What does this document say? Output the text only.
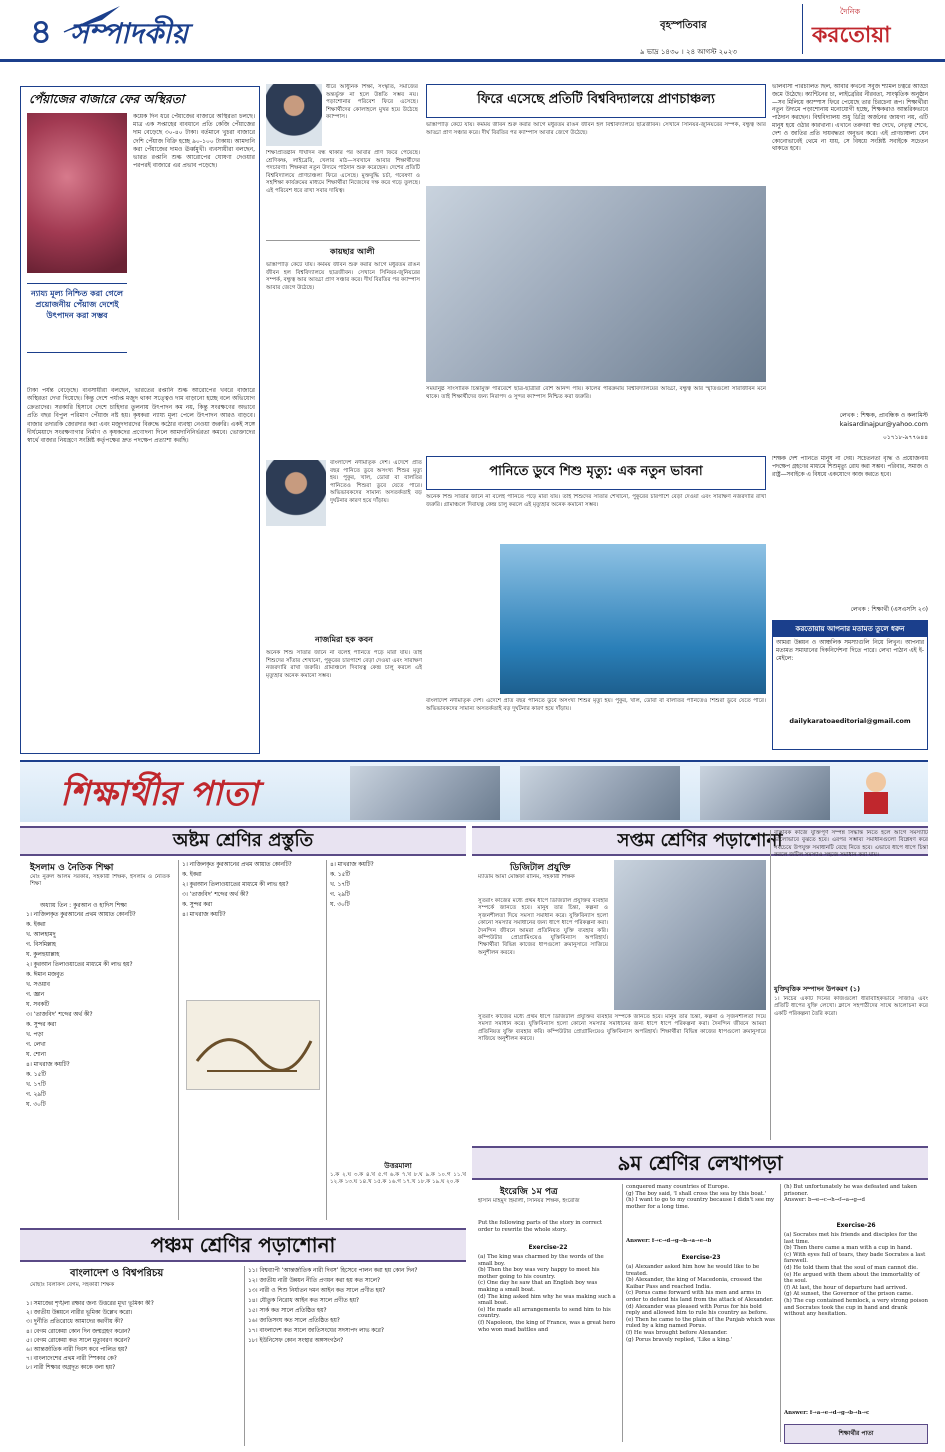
৪ সম্পাদকীয়	বৃহস্পতিবার
৯ ভাদ্র ১৪৩০ । ২৪ আগস্ট ২০২৩
দৈনিক
করতোয়া
পেঁয়াজের বাজারে ফের অস্থিরতা
কয়েক দিন ধরে পেঁয়াজের বাজারে অস্থিরতা চলছে। মাত্র এক সপ্তাহের ব্যবধানে প্রতি কেজি পেঁয়াজের দাম বেড়েছে ৩০-৪০ টাকা। বর্তমানে খুচরা বাজারে দেশি পেঁয়াজ বিক্রি হচ্ছে ৯০-১০০ টাকায়। আমদানি করা পেঁয়াজের দামও ঊর্ধ্বমুখী। ব্যবসায়ীরা বলছেন, ভারত রপ্তানি শুল্ক আরোপের ঘোষণা দেওয়ার পরপরই বাজারে এর প্রভাব পড়েছে।
ন্যায্য মূল্য নিশ্চিত করা গেলে প্রয়োজনীয় পেঁয়াজ দেশেই উৎপাদন করা সম্ভব
টাকা পর্যন্ত বেড়েছে। ব্যবসায়ীরা বলছেন, ভারতের রপ্তানি শুল্ক আরোপের খবরে বাজারে অস্থিরতা দেখা দিয়েছে। কিন্তু দেশে পর্যাপ্ত মজুদ থাকা সত্ত্বেও দাম বাড়ানো হচ্ছে বলে অভিযোগ ক্রেতাদের। সরকারি হিসাবে দেশে চাহিদার তুলনায় উৎপাদন কম নয়, কিন্তু সংরক্ষণের অভাবে প্রতি বছর বিপুল পরিমাণ পেঁয়াজ নষ্ট হয়। কৃষকরা ন্যায্য মূল্য পেলে উৎপাদন আরও বাড়বে। বাজার তদারকি জোরদার করা এবং মজুদদারদের বিরুদ্ধে কঠোর ব্যবস্থা নেওয়া জরুরি। একই সঙ্গে দীর্ঘমেয়াদে সংরক্ষণাগার নির্মাণ ও কৃষকদের প্রণোদনা দিলে আমদানিনির্ভরতা কমবে। ভোক্তাদের স্বার্থে বাজার নিয়ন্ত্রণে সংশ্লিষ্ট কর্তৃপক্ষের দ্রুত পদক্ষেপ প্রত্যাশা করছি।
ধীরে আধুনিক শিক্ষা, সংস্কৃতি, সমাজের অন্তর্ভুক্ত না হলে উন্নতি সম্ভব নয়। পড়াশোনার পরিবেশ ফিরে এসেছে। শিক্ষার্থীদের কোলাহলে মুখর হয়ে উঠেছে ক্যাম্পাস।
শিক্ষাপ্রতিষ্ঠান দীর্ঘদিন বন্ধ থাকার পর আবার প্রাণ ফিরে পেয়েছে। শ্রেণিকক্ষ, লাইব্রেরি, খেলার মাঠ—সবখানে আবার শিক্ষার্থীদের পদচারণা। শিক্ষকরা নতুন উদ্যমে পাঠদান শুরু করেছেন। দেশের প্রতিটি বিশ্ববিদ্যালয়ে প্রাণচাঞ্চল্য ফিরে এসেছে। মুক্তবুদ্ধি চর্চা, গবেষণা ও সহশিক্ষা কার্যক্রমের মাধ্যমে শিক্ষার্থীরা নিজেদের দক্ষ করে গড়ে তুলছে। এই পরিবেশ ধরে রাখা সবার দায়িত্ব।
কায়ছার আলী
ভাস্তাপাড়ি কেটে যায়। কর্মময় জীবন শুরু করার আগে মধুরতম রঙিন জীবন হল বিশ্ববিদ্যালয়ে ছাত্রজীবন। সেখানে সিনিয়র-জুনিয়রের সম্পর্ক, বন্ধুত্ব আর আড্ডা প্রাণ সঞ্চার করে। দীর্ঘ বিরতির পর ক্যাম্পাস আবার জেগে উঠেছে।
ফিরে এসেছে প্রতিটি বিশ্ববিদ্যালয়ে প্রাণচাঞ্চল্য
ভাস্তাপাড়ি কেটে যায়। কর্মময় জীবন শুরু করার আগে মধুরতম রঙিন জীবন হল বিশ্ববিদ্যালয়ে ছাত্রজীবন। সেখানে সিনিয়র-জুনিয়রের সম্পর্ক, বন্ধুত্ব আর আড্ডা প্রাণ সঞ্চার করে। দীর্ঘ বিরতির পর ক্যাম্পাস আবার জেগে উঠেছে।
সময়ানুষ্ঠ সাংসারিক চিন্তামুক্ত পরিবেশে ছাত্র-ছাত্রীরা বেশি আনন্দ পায়। কালের পরিক্রমায় বিশ্ববিদ্যালয়ের আড্ডা, বন্ধুত্ব আর স্মৃতিগুলো সারাজীবন মনে থাকে। তাই শিক্ষার্থীদের জন্য নিরাপদ ও সুন্দর ক্যাম্পাস নিশ্চিত করা জরুরি।
ভালবাসা পরিচালিত ছিল, আবার কখনো সবুজ শ্যামল চত্বরে আড্ডা জমে উঠেছে। ক্যান্টিনের চা, লাইব্রেরির নীরবতা, সাংস্কৃতিক অনুষ্ঠান—সব মিলিয়ে ক্যাম্পাস ফিরে পেয়েছে তার চিরচেনা রূপ। শিক্ষার্থীরা নতুন উদ্যমে পড়াশোনায় মনোযোগী হচ্ছে, শিক্ষকরাও আন্তরিকভাবে পাঠদান করছেন। বিশ্ববিদ্যালয় শুধু ডিগ্রি অর্জনের জায়গা নয়, এটি মানুষ হয়ে ওঠার কারখানা। এখানে তরুণরা স্বপ্ন দেখে, নেতৃত্ব শেখে, দেশ ও জাতির প্রতি দায়বদ্ধতা অনুভব করে। এই প্রাণচাঞ্চল্য যেন কোনোভাবেই থেমে না যায়, সে বিষয়ে সংশ্লিষ্ট সবাইকে সচেতন থাকতে হবে।
লেখক : শিক্ষক, প্রাবন্ধিক ও কলামিস্ট
kaisardinajpur@yahoo.com
০১৭১৮-৯৭৭৬৪৪
বাংলাদেশ নদীমাতৃক দেশ। এদেশে প্রতি বছর পানিতে ডুবে অসংখ্য শিশুর মৃত্যু হয়। পুকুর, খাল, ডোবা বা বালতির পানিতেও শিশুরা ডুবে যেতে পারে। অভিভাবকদের সামান্য অসতর্কতাই বড় দুর্ঘটনার কারণ হয়ে দাঁড়ায়।
নাজমিরা হক কবন
অনেক শিশু সাঁতার জানে না বলেই পানিতে পড়ে মারা যায়। তাই শিশুদের সাঁতার শেখানো, পুকুরের চারপাশে বেড়া দেওয়া এবং সারাক্ষণ নজরদারি রাখা জরুরি। গ্রামাঞ্চলে দিবাযত্ন কেন্দ্র চালু করলে এই মৃত্যুহার অনেক কমানো সম্ভব।
পানিতে ডুবে শিশু মৃত্যু: এক নতুন ভাবনা
অনেক শিশু সাঁতার জানে না বলেই পানিতে পড়ে মারা যায়। তাই শিশুদের সাঁতার শেখানো, পুকুরের চারপাশে বেড়া দেওয়া এবং সারাক্ষণ নজরদারি রাখা জরুরি। গ্রামাঞ্চলে দিবাযত্ন কেন্দ্র চালু করলে এই মৃত্যুহার অনেক কমানো সম্ভব।
বাংলাদেশ নদীমাতৃক দেশ। এদেশে প্রতি বছর পানিতে ডুবে অসংখ্য শিশুর মৃত্যু হয়। পুকুর, খাল, ডোবা বা বালতির পানিতেও শিশুরা ডুবে যেতে পারে। অভিভাবকদের সামান্য অসতর্কতাই বড় দুর্ঘটনার কারণ হয়ে দাঁড়ায়।
শিক্ষক দেশ পানিতে মানুষ না দেয়। সচেতনতা বৃদ্ধি ও প্রয়োজনীয় পদক্ষেপ গ্রহণের মাধ্যমে শিশুমৃত্যু রোধ করা সম্ভব। পরিবার, সমাজ ও রাষ্ট্র—সবাইকে এ বিষয়ে একযোগে কাজ করতে হবে।
লেখক : শিক্ষার্থী (এসএসসি ২৩)
করতোয়ায় আপনার মতামত তুলে ধরুন
আমরা উন্নয়ন ও আঞ্চলিক সমস্যাগুলি নিয়ে লিখুন। আপনার মতামত সমাধানের দিকনির্দেশনা দিতে পারে। লেখা পাঠান এই ই-মেইলে:
dailykaratoaeditorial@gmail.com
শিক্ষার্থীর পাতা
অষ্টম শ্রেণির প্রস্তুতি
ইসলাম ও নৈতিক শিক্ষা
মোঃ নুরুল আলম সরকার, সহকারী শিক্ষক, ইসলাম ও নৈতিক শিক্ষা
অধ্যায় তিন : কুরআন ও হাদিস শিক্ষা
১। নাজিলকৃত কুরআনের প্রথম আয়াত কোনটি?
ক. ইকরা
খ. আলহামদু
গ. বিসমিল্লাহ
ঘ. কুলহুয়াল্লাহ
২। কুরআন তিলাওয়াতের মাধ্যমে কী লাভ হয়?
ক. ঈমান মজবুত
খ. সওয়াব
গ. জ্ঞান
ঘ. সবকটি
৩। ‘তাজবিদ’ শব্দের অর্থ কী?
ক. সুন্দর করা
খ. পড়া
গ. লেখা
ঘ. শোনা
৪। মাখরাজ কয়টি?
ক. ১৫টি
খ. ১৭টি
গ. ২৯টি
ঘ. ৩০টি
১। নাজিলকৃত কুরআনের প্রথম আয়াত কোনটি?
ক. ইকরা
২। কুরআন তিলাওয়াতের মাধ্যমে কী লাভ হয়?
৩। ‘তাজবিদ’ শব্দের অর্থ কী?
ক. সুন্দর করা
৪। মাখরাজ কয়টি?
৪। মাখরাজ কয়টি?
ক. ১৫টি
খ. ১৭টি
গ. ২৯টি
ঘ. ৩০টি
উত্তরমালা
১.ক ২.ঘ ৩.ক ৪.খ ৫.গ ৬.ক ৭.খ ৮.ঘ ৯.ক ১০.গ ১১.খ ১২.ক ১৩.ঘ ১৪.খ ১৫.ক ১৬.গ ১৭.খ ১৮.ক ১৯.ঘ ২০.ক
সপ্তম শ্রেণির পড়াশোনা
ডিজিটাল প্রযুক্তি
ম্যাডাম আমা মোস্তফা রানিম, সহকারী শিক্ষক
সুতরাং কাজের মধ্যে প্রথম ধাপে ডিজিটাল প্রযুক্তির ব্যবহার সম্পর্কে জানতে হবে। মানুষ তার চিন্তা, কল্পনা ও সৃজনশীলতা দিয়ে সমস্যা সমাধান করে। যুক্তিবিন্যাস হলো কোনো সমস্যার সমাধানের জন্য ধাপে ধাপে পরিকল্পনা করা। দৈনন্দিন জীবনে আমরা প্রতিনিয়ত যুক্তি ব্যবহার করি। কম্পিউটার প্রোগ্রামিংয়েও যুক্তিবিন্যাস অপরিহার্য। শিক্ষার্থীরা বিভিন্ন কাজের ধাপগুলো ক্রমানুসারে সাজিয়ে অনুশীলন করবে।
সুতরাং কাজের মধ্যে প্রথম ধাপে ডিজিটাল প্রযুক্তির ব্যবহার সম্পর্কে জানতে হবে। মানুষ তার চিন্তা, কল্পনা ও সৃজনশীলতা দিয়ে সমস্যা সমাধান করে। যুক্তিবিন্যাস হলো কোনো সমস্যার সমাধানের জন্য ধাপে ধাপে পরিকল্পনা করা। দৈনন্দিন জীবনে আমরা প্রতিনিয়ত যুক্তি ব্যবহার করি। কম্পিউটার প্রোগ্রামিংয়েও যুক্তিবিন্যাস অপরিহার্য। শিক্ষার্থীরা বিভিন্ন কাজের ধাপগুলো ক্রমানুসারে সাজিয়ে অনুশীলন করবে।
বাস্তবিক কাজে যুক্তিপূর্ণ সম্পন্ন সিদ্ধান্ত নিতে হলে আগে সমস্যাটি ভালোভাবে বুঝতে হবে। এরপর সম্ভাব্য সমাধানগুলো বিশ্লেষণ করে সবচেয়ে উপযুক্ত সমাধানটি বেছে নিতে হবে। এভাবে ধাপে ধাপে চিন্তা করলে জটিল সমস্যাও সহজে সমাধান করা যায়।
যুক্তিবৃত্তিক সম্পাদন উপকরণ (১)
১। নিচের একটি দিনের কাজগুলো ধারাবাহিকভাবে সাজাও এবং প্রতিটি ধাপের যুক্তি লেখো। ক্লাসে সহপাঠীদের সাথে আলোচনা করে একটি পরিকল্পনা তৈরি করো।
৯ম শ্রেণির লেখাপড়া
ইংরেজি ১ম পত্র
হাসান মাহমুদ হিমালী, সিনিয়র শিক্ষক, ইংরেজি
Put the following parts of the story in correct order to rewrite the whole story.
Exercise-22
(a) The king was charmed by the words of the small boy.
(b) Then the boy was very happy to meet his mother going to his country.
(c) One day he saw that an English boy was making a small boat.
(d) The king asked him why he was making such a small boat.
(e) He made all arrangements to send him to his country.
(f) Napoleon, the king of France, was a great hero who won mad battles and
conquered many countries of Europe.
(g) The boy said, 'I shall cross the sea by this boat.'
(h) I want to go to my country because I didn't see my mother for a long time.
Answer: f→c→d→g→h→a→e→b
Exercise-23
(a) Alexander asked him how he would like to be treated.
(b) Alexander, the king of Macedonia, crossed the Kaibar Pass and reached India.
(c) Porus came forward with his men and arms in order to defend his land from the attack of Alexander.
(d) Alexander was pleased with Porus for his bold reply and allowed him to rule his country as before.
(e) Then he came to the plain of the Punjab which was ruled by a king named Porus.
(f) He was brought before Alexander.
(g) Porus bravely replied, 'Like a king.'
(h) But unfortunately he was defeated and taken prisoner.
Answer: b→e→c→h→f→a→g→d
Exercise-26
(a) Socrates met his friends and disciples for the last time.
(b) Then there came a man with a cup in hand.
(c) With eyes full of tears, they bade Socrates a last farewell.
(d) He told them that the soul of man cannot die.
(e) He argued with them about the immortality of the soul.
(f) At last, the hour of departure had arrived.
(g) At sunset, the Governor of the prison came.
(h) The cup contained hemlock, a very strong poison and Socrates took the cup in hand and drank without any hesitation.
Answer: f→a→e→d→g→b→h→c
শিক্ষার্থীর পাতা
পঞ্চম শ্রেণির পড়াশোনা
বাংলাদেশ ও বিশ্বপরিচয়
মোছাঃ বিলকিস বেগম, সহকারী শিক্ষক
১। সমাজের শৃঙ্খলা রক্ষার জন্য উত্তরের মূখ্য ভূমিকা কী?
২। জাতীয় উন্নয়নে নারীর ভূমিকা উল্লেখ করো।
৩। দুর্নীতি প্রতিরোধে আমাদের করণীয় কী?
৪। বেগম রোকেয়া কোন দিন জন্মগ্রহণ করেন?
৫। বেগম রোকেয়া কত সালে মৃত্যুবরণ করেন?
৬। আন্তর্জাতিক নারী দিবস কবে পালিত হয়?
৭। বাংলাদেশের প্রথম নারী স্পিকার কে?
৮। নারী শিক্ষার অগ্রদূত কাকে বলা হয়?
১১। বিশ্বব্যাপী ‘আন্তর্জাতিক নারী দিবস’ হিসেবে পালন করা হয় কোন দিন?
১২। জাতীয় নারী উন্নয়ন নীতি প্রণয়ন করা হয় কত সালে?
১৩। নারী ও শিশু নির্যাতন দমন আইন কত সালে প্রণীত হয়?
১৪। যৌতুক নিরোধ আইন কত সালে প্রণীত হয়?
১৫। সার্ক কত সালে প্রতিষ্ঠিত হয়?
১৬। জাতিসংঘ কত সালে প্রতিষ্ঠিত হয়?
১৭। বাংলাদেশ কত সালে জাতিসংঘের সদস্যপদ লাভ করে?
১৮। ইউনিসেফ কোন সংস্থার অঙ্গসংগঠন?
